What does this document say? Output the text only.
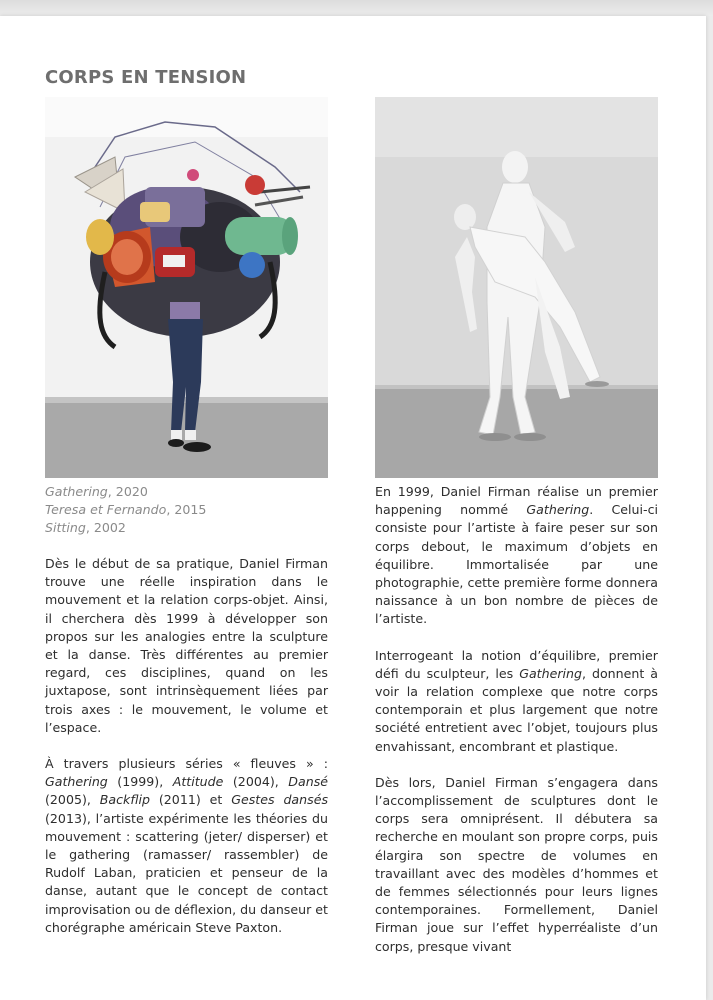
CORPS EN TENSION
Gathering, 2020
Teresa et Fernando, 2015
Sitting, 2002

Dès le début de sa pratique, Daniel Firman trouve une réelle inspiration dans le mouvement et la relation corps-objet. Ainsi, il cherchera dès 1999 à développer son propos sur les analogies entre la sculpture et la danse. Très différentes au premier regard, ces disciplines, quand on les juxtapose, sont intrinsèquement liées par trois axes : le mouvement, le volume et l’espace.

À travers plusieurs séries « fleuves » : Gathering (1999), Attitude (2004), Dansé (2005), Backflip (2011) et Gestes dansés (2013), l’artiste expérimente les théories du mouvement : scattering (jeter/ disperser) et le gathering (ramasser/ rassembler) de Rudolf Laban, praticien et penseur de la danse, autant que le concept de contact improvisation ou de déflexion, du danseur et chorégraphe américain Steve Paxton.

En 1999, Daniel Firman réalise un premier happening nommé Gathering. Celui-ci consiste pour l’artiste à faire peser sur son corps debout, le maximum d’objets en équilibre. Immortalisée par une photographie, cette première forme donnera naissance à un bon nombre de pièces de l’artiste.

Interrogeant la notion d’équilibre, premier défi du sculpteur, les Gathering, donnent à voir la relation complexe que notre corps contemporain et plus largement que notre société entretient avec l’objet, toujours plus envahissant, encombrant et plastique.

Dès lors, Daniel Firman s’engagera dans l’accomplissement de sculptures dont le corps sera omniprésent. Il débutera sa recherche en moulant son propre corps, puis élargira son spectre de volumes en travaillant avec des modèles d’hommes et de femmes sélectionnés pour leurs lignes contemporaines. Formellement, Daniel Firman joue sur l’effet hyperréaliste d’un corps, presque vivant
